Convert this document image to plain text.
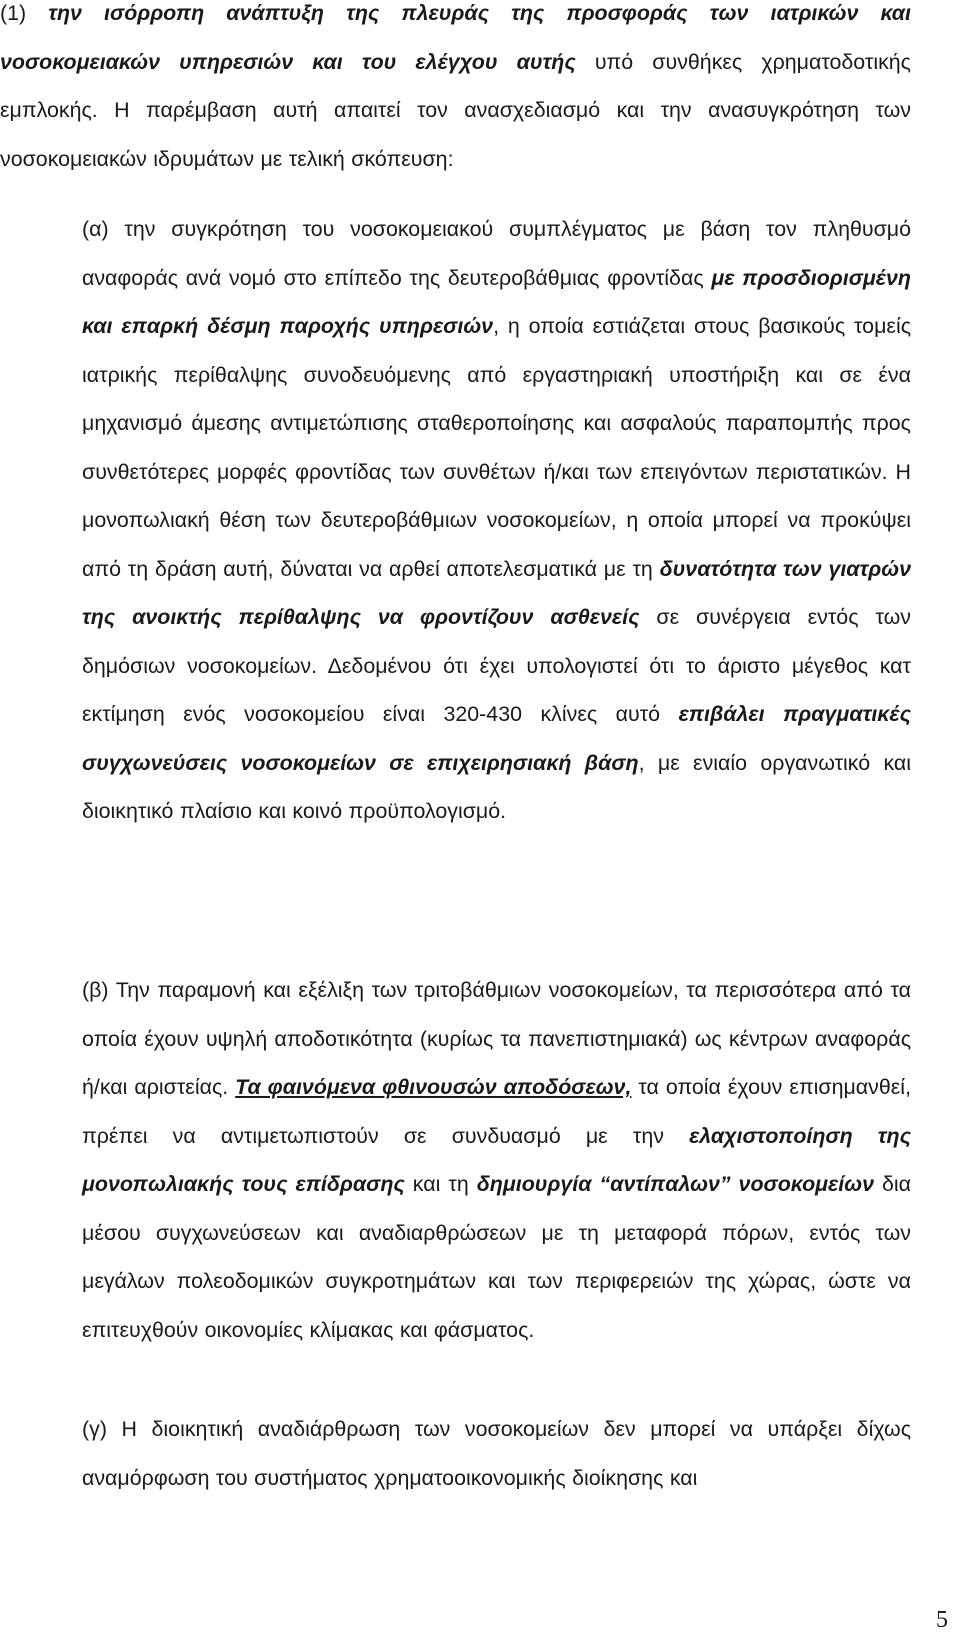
(1) την ισόρροπη ανάπτυξη της πλευράς της προσφοράς των ιατρικών και νοσοκομειακών υπηρεσιών και του ελέγχου αυτής υπό συνθήκες χρηματοδοτικής εμπλοκής. Η παρέμβαση αυτή απαιτεί τον ανασχεδιασμό και την ανασυγκρότηση των νοσοκομειακών ιδρυμάτων με τελική σκόπευση:

(α) την συγκρότηση του νοσοκομειακού συμπλέγματος με βάση τον πληθυσμό αναφοράς ανά νομό στο επίπεδο της δευτεροβάθμιας φροντίδας με προσδιορισμένη και επαρκή δέσμη παροχής υπηρεσιών, η οποία εστιάζεται στους βασικούς τομείς ιατρικής περίθαλψης συνοδευόμενης από εργαστηριακή υποστήριξη και σε ένα μηχανισμό άμεσης αντιμετώπισης σταθεροποίησης και ασφαλούς παραπομπής προς συνθετότερες μορφές φροντίδας των συνθέτων ή/και των επειγόντων περιστατικών. Η μονοπωλιακή θέση των δευτεροβάθμιων νοσοκομείων, η οποία μπορεί να προκύψει από τη δράση αυτή, δύναται να αρθεί αποτελεσματικά με τη δυνατότητα των γιατρών της ανοικτής περίθαλψης να φροντίζουν ασθενείς σε συνέργεια εντός των δημόσιων νοσοκομείων. Δεδομένου ότι έχει υπολογιστεί ότι το άριστο μέγεθος κατ εκτίμηση ενός νοσοκομείου είναι 320-430 κλίνες αυτό επιβάλει πραγματικές συγχωνεύσεις νοσοκομείων σε επιχειρησιακή βάση, με ενιαίο οργανωτικό και διοικητικό πλαίσιο και κοινό προϋπολογισμό.

(β) Την παραμονή και εξέλιξη των τριτοβάθμιων νοσοκομείων, τα περισσότερα από τα οποία έχουν υψηλή αποδοτικότητα (κυρίως τα πανεπιστημιακά) ως κέντρων αναφοράς ή/και αριστείας. Τα φαινόμενα φθινουσών αποδόσεων, τα οποία έχουν επισημανθεί, πρέπει να αντιμετωπιστούν σε συνδυασμό με την ελαχιστοποίηση της μονοπωλιακής τους επίδρασης και τη δημιουργία “αντίπαλων” νοσοκομείων δια μέσου συγχωνεύσεων και αναδιαρθρώσεων με τη μεταφορά πόρων, εντός των μεγάλων πολεοδομικών συγκροτημάτων και των περιφερειών της χώρας, ώστε να επιτευχθούν οικονομίες κλίμακας και φάσματος.

(γ) Η διοικητική αναδιάρθρωση των νοσοκομείων δεν μπορεί να υπάρξει δίχως αναμόρφωση του συστήματος χρηματοοικονομικής διοίκησης και

5
